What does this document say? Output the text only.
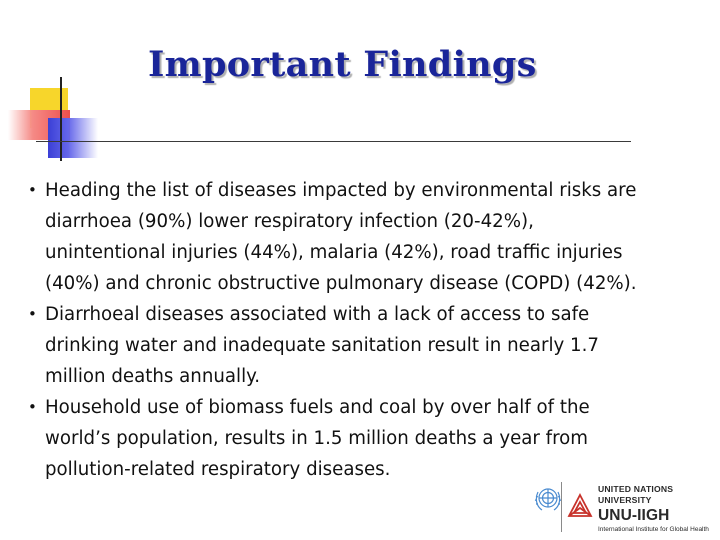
Important Findings
• Heading the list of diseases impacted by environmental risks are
diarrhoea (90%) lower respiratory infection (20-42%),
unintentional injuries (44%), malaria (42%), road traffic injuries
(40%) and chronic obstructive pulmonary disease (COPD) (42%).
• Diarrhoeal diseases associated with a lack of access to safe
drinking water and inadequate sanitation result in nearly 1.7
million deaths annually.
• Household use of biomass fuels and coal by over half of the
world’s population, results in 1.5 million deaths a year from
pollution-related respiratory diseases.
UNITED NATIONS
UNIVERSITY
UNU-IIGH
International Institute for Global Health
